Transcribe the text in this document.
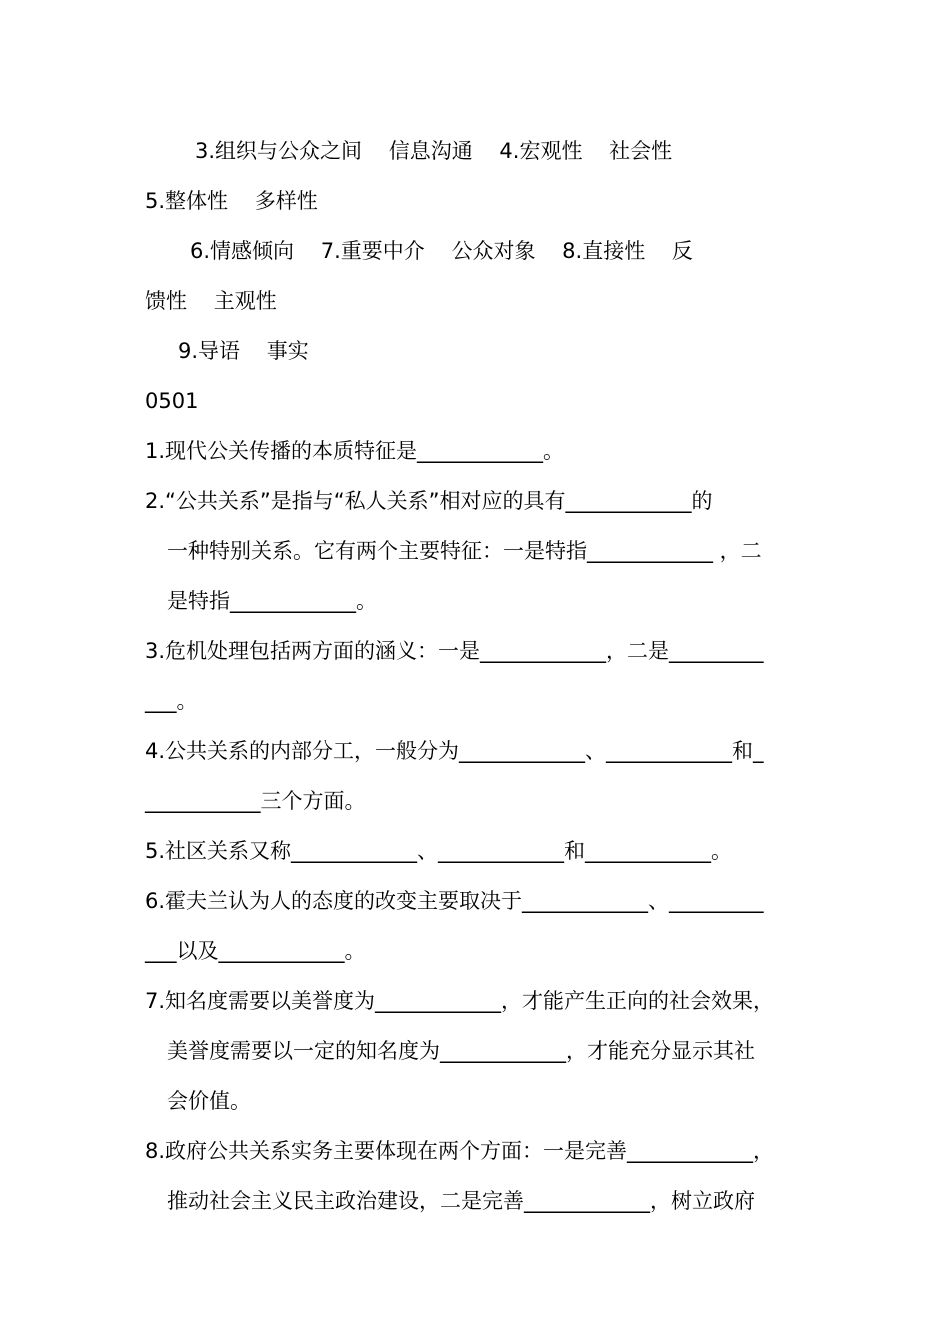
3.组织与公众之间    信息沟通    4.宏观性    社会性
5.整体性    多样性
6.情感倾向    7.重要中介    公众对象    8.直接性    反
馈性    主观性
9.导语    事实
0501
1.现代公关传播的本质特征是____________。
2.“公共关系”是指与“私人关系”相对应的具有____________的
一种特别关系。它有两个主要特征：一是特指____________ ，二
是特指____________。
3.危机处理包括两方面的涵义：一是____________，二是_________
___。
4.公共关系的内部分工，一般分为____________、____________和_
___________三个方面。
5.社区关系又称____________、____________和____________。
6.霍夫兰认为人的态度的改变主要取决于____________、_________
___以及____________。
7.知名度需要以美誉度为____________，才能产生正向的社会效果，
美誉度需要以一定的知名度为____________，才能充分显示其社
会价值。
8.政府公共关系实务主要体现在两个方面：一是完善____________，
推动社会主义民主政治建设，二是完善____________，树立政府
